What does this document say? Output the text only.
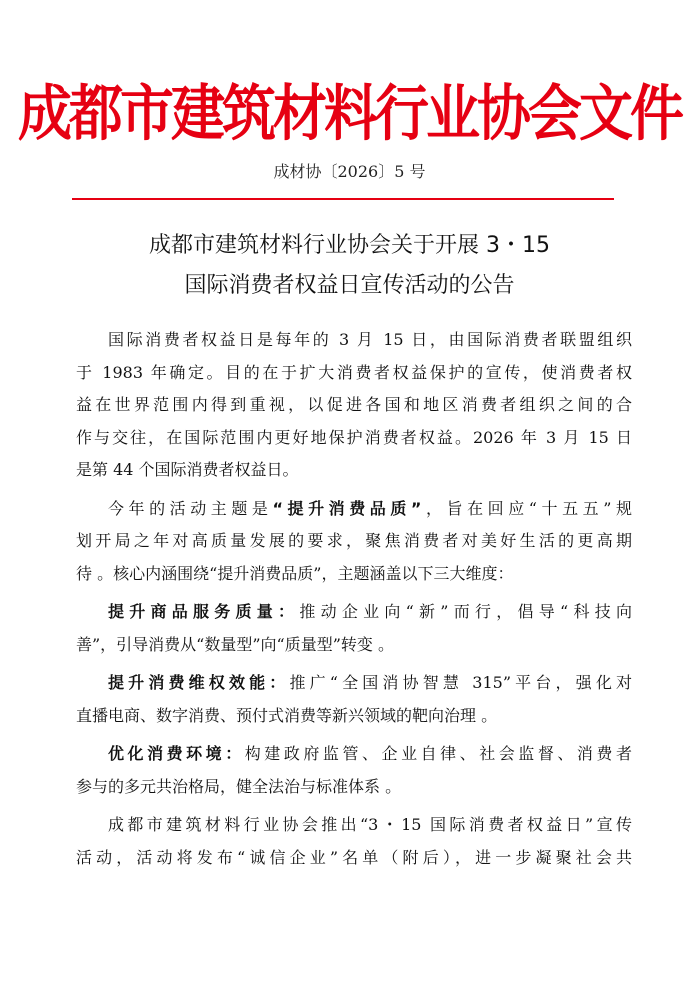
成都市建筑材料行业协会文件
成材协〔2026〕5 号
成都市建筑材料行业协会关于开展 3・15
国际消费者权益日宣传活动的公告
国际消费者权益日是每年的 3 月 15 日，由国际消费者联盟组织
于 1983 年确定。目的在于扩大消费者权益保护的宣传，使消费者权
益在世界范围内得到重视，以促进各国和地区消费者组织之间的合
作与交往，在国际范围内更好地保护消费者权益。2026 年 3 月 15 日
是第 44 个国际消费者权益日。
今年的活动主题是“提升消费品质”，旨在回应“十五五”规
划开局之年对高质量发展的要求，聚焦消费者对美好生活的更高期
待 。核心内涵围绕“提升消费品质”，主题涵盖以下三大维度：
提升商品服务质量：推动企业向“新”而行，倡导“科技向
善”，引导消费从“数量型”向“质量型”转变 。
提升消费维权效能：推广“全国消协智慧 315”平台，强化对
直播电商、数字消费、预付式消费等新兴领域的靶向治理 。
优化消费环境：构建政府监管、企业自律、社会监督、消费者
参与的多元共治格局，健全法治与标准体系 。
成都市建筑材料行业协会推出“3・15 国际消费者权益日”宣传
活动，活动将发布“诚信企业”名单（附后），进一步凝聚社会共
